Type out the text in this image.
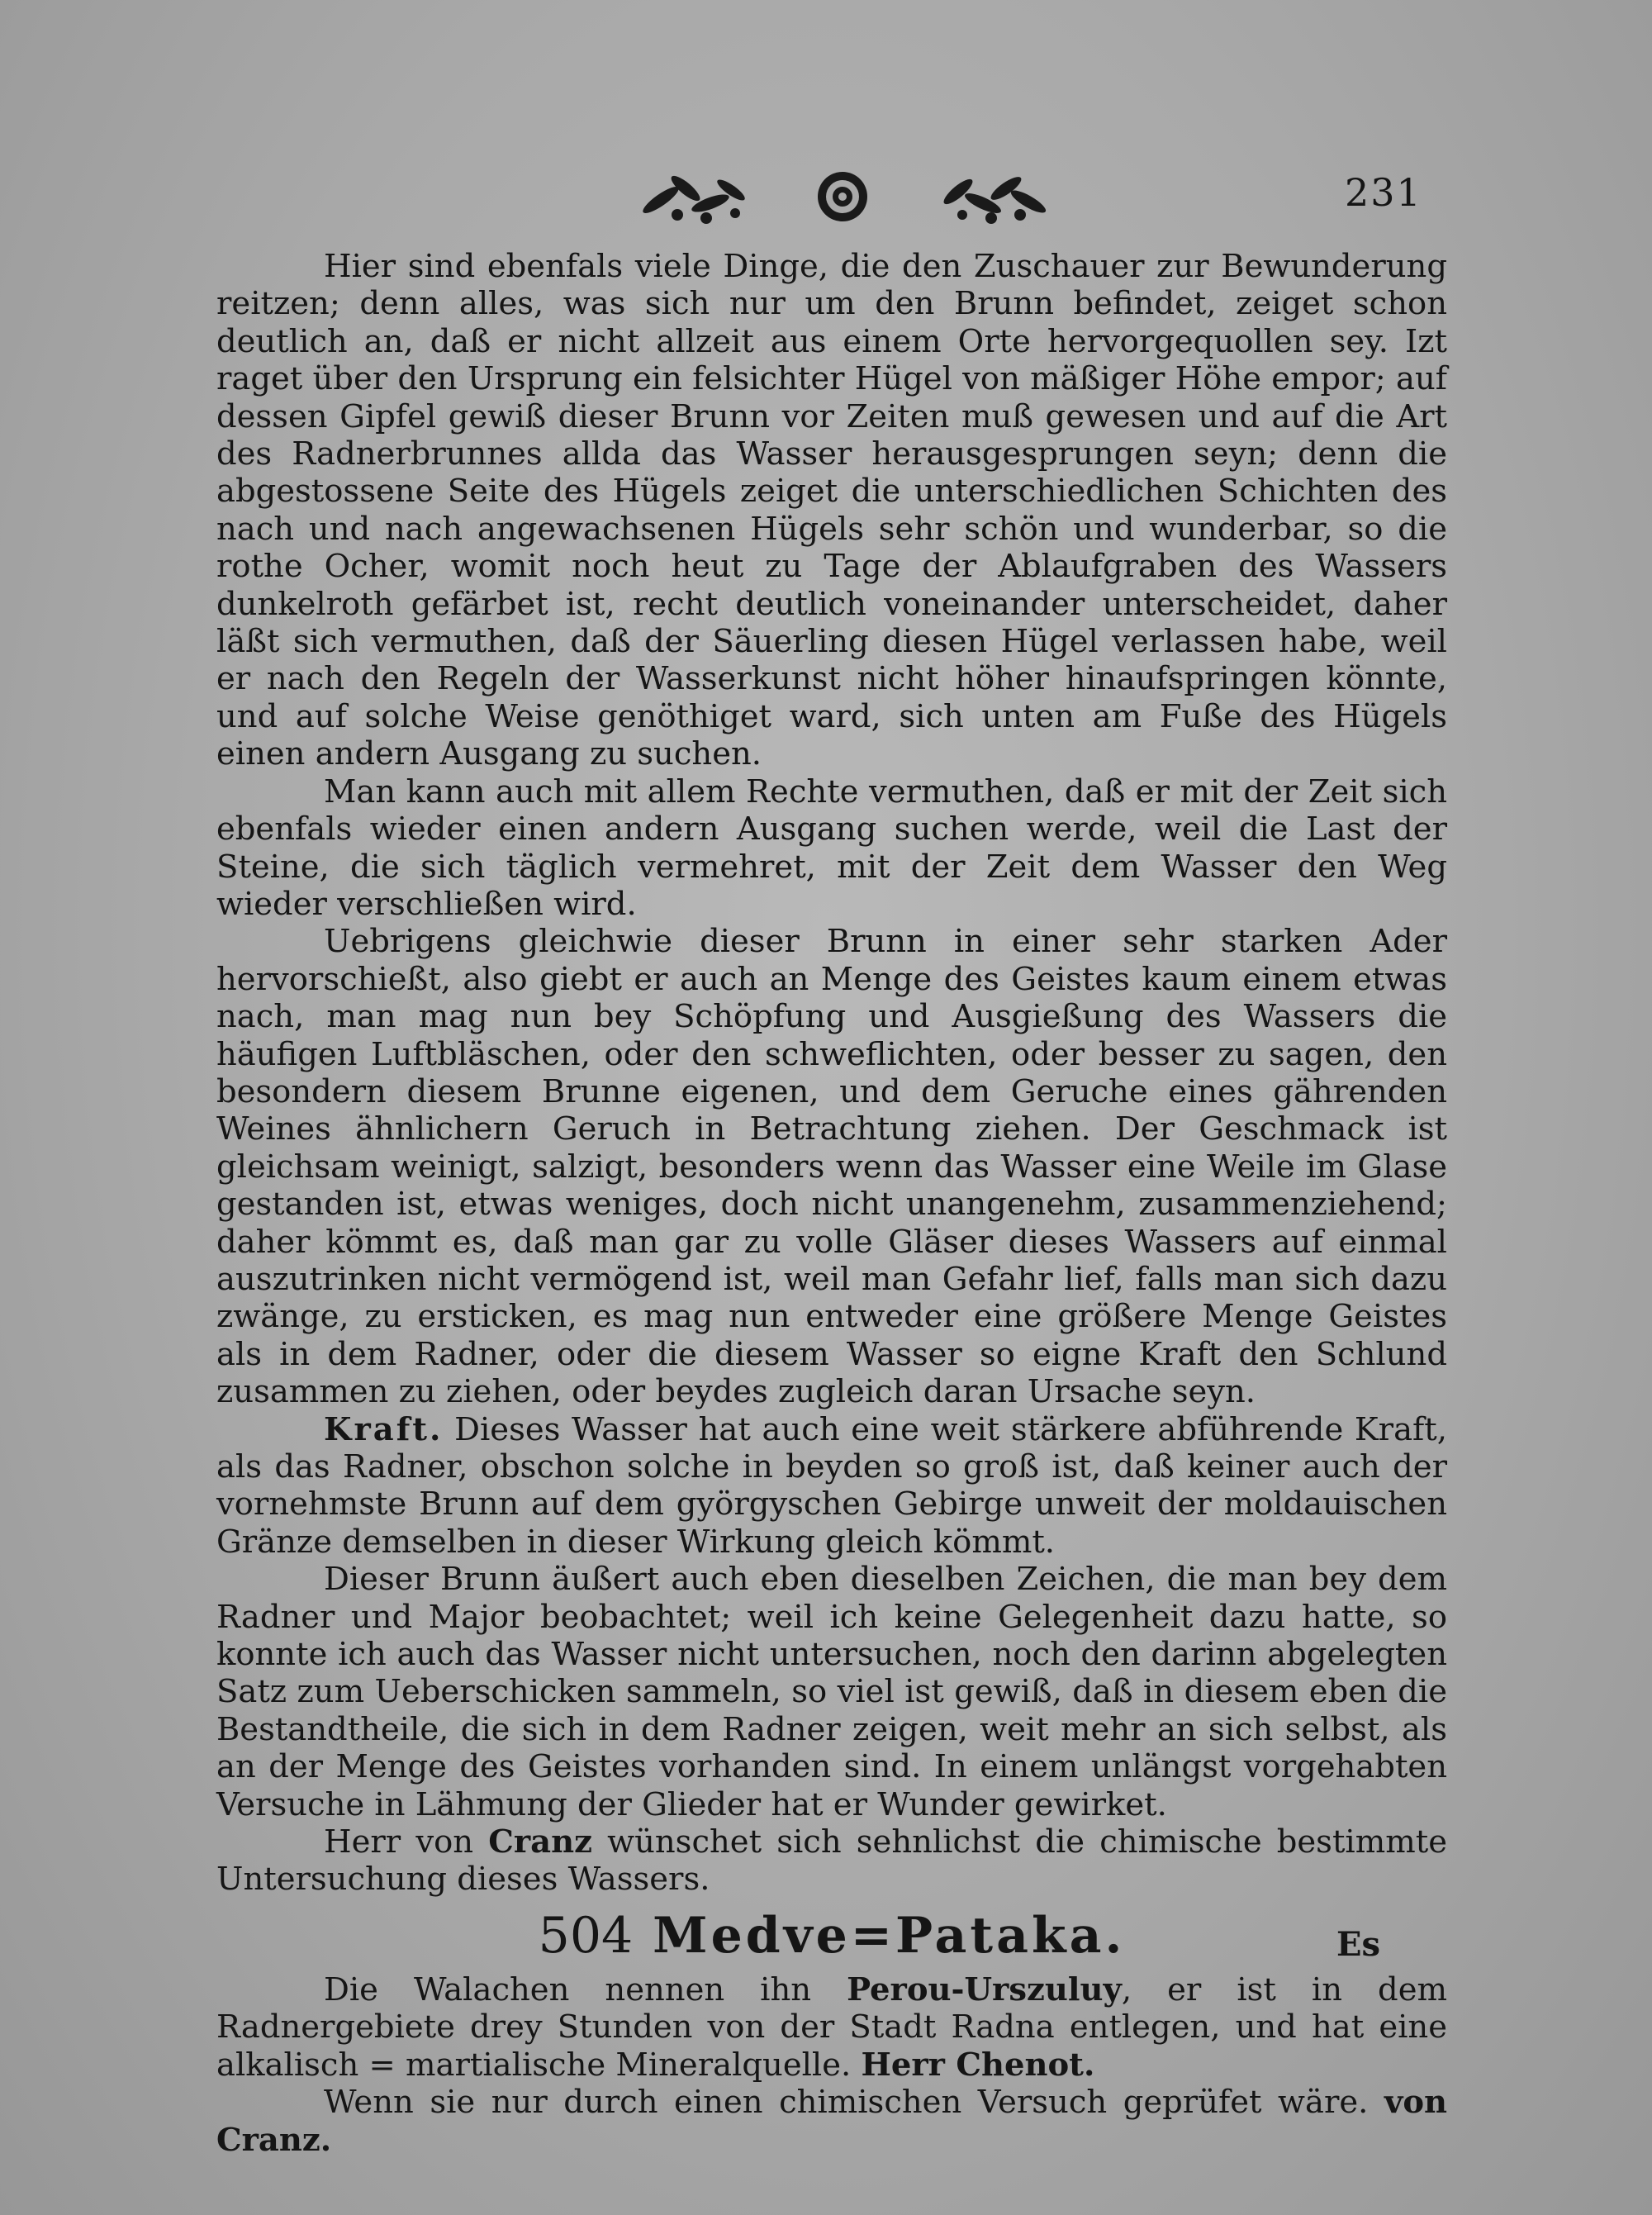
231

Hier sind ebenfals viele Dinge, die den Zuschauer zur Bewunderung reitzen; denn alles, was sich nur um den Brunn befindet, zeiget schon deutlich an, daß er nicht allzeit aus einem Orte hervorgequollen sey. Izt raget über den Ursprung ein felsichter Hügel von mäßiger Höhe empor; auf dessen Gipfel gewiß dieser Brunn vor Zeiten muß gewesen und auf die Art des Radnerbrunnes allda das Wasser herausgesprungen seyn; denn die abgestossene Seite des Hügels zeiget die unterschiedlichen Schichten des nach und nach angewachsenen Hügels sehr schön und wunderbar, so die rothe Ocher, womit noch heut zu Tage der Ablaufgraben des Wassers dunkelroth gefärbet ist, recht deutlich voneinander unterscheidet, daher läßt sich vermuthen, daß der Säuerling diesen Hügel verlassen habe, weil er nach den Regeln der Wasserkunst nicht höher hinaufspringen könnte, und auf solche Weise genöthiget ward, sich unten am Fuße des Hügels einen andern Ausgang zu suchen.

Man kann auch mit allem Rechte vermuthen, daß er mit der Zeit sich ebenfals wieder einen andern Ausgang suchen werde, weil die Last der Steine, die sich täglich vermehret, mit der Zeit dem Wasser den Weg wieder verschließen wird.

Uebrigens gleichwie dieser Brunn in einer sehr starken Ader hervorschießt, also giebt er auch an Menge des Geistes kaum einem etwas nach, man mag nun bey Schöpfung und Ausgießung des Wassers die häufigen Luftbläschen, oder den schweflichten, oder besser zu sagen, den besondern diesem Brunne eigenen, und dem Geruche eines gährenden Weines ähnlichern Geruch in Betrachtung ziehen. Der Geschmack ist gleichsam weinigt, salzigt, besonders wenn das Wasser eine Weile im Glase gestanden ist, etwas weniges, doch nicht unangenehm, zusammenziehend; daher kömmt es, daß man gar zu volle Gläser dieses Wassers auf einmal auszutrinken nicht vermögend ist, weil man Gefahr lief, falls man sich dazu zwänge, zu ersticken, es mag nun entweder eine größere Menge Geistes als in dem Radner, oder die diesem Wasser so eigne Kraft den Schlund zusammen zu ziehen, oder beydes zugleich daran Ursache seyn.

Kraft. Dieses Wasser hat auch eine weit stärkere abführende Kraft, als das Radner, obschon solche in beyden so groß ist, daß keiner auch der vornehmste Brunn auf dem györgyschen Gebirge unweit der moldauischen Gränze demselben in dieser Wirkung gleich kömmt.

Dieser Brunn äußert auch eben dieselben Zeichen, die man bey dem Radner und Major beobachtet; weil ich keine Gelegenheit dazu hatte, so konnte ich auch das Wasser nicht untersuchen, noch den darinn abgelegten Satz zum Ueberschicken sammeln, so viel ist gewiß, daß in diesem eben die Bestandtheile, die sich in dem Radner zeigen, weit mehr an sich selbst, als an der Menge des Geistes vorhanden sind. In einem unlängst vorgehabten Versuche in Lähmung der Glieder hat er Wunder gewirket.

Herr von Cranz wünschet sich sehnlichst die chimische bestimmte Untersuchung dieses Wassers.

504 Medve=Pataka.

Die Walachen nennen ihn Perou-Urszuluy, er ist in dem Radnergebiete drey Stunden von der Stadt Radna entlegen, und hat eine alkalisch = martialische Mineralquelle. Herr Chenot.

Wenn sie nur durch einen chimischen Versuch geprüfet wäre. von Cranz.

Es
